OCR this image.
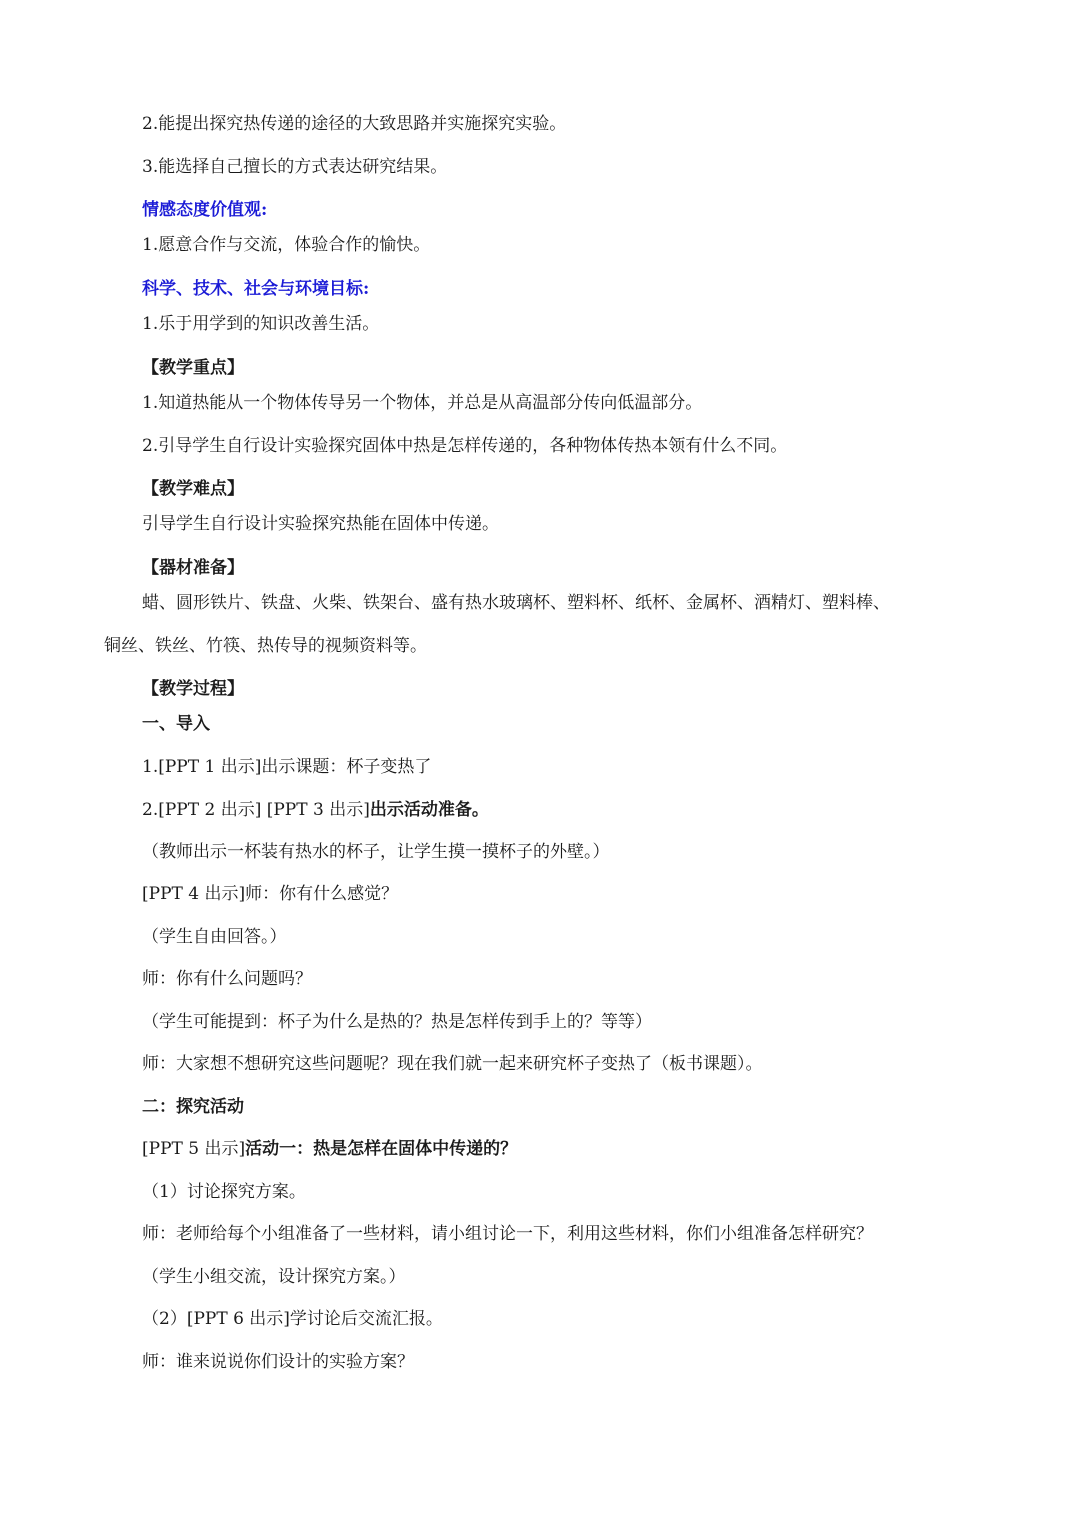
2.能提出探究热传递的途径的大致思路并实施探究实验。
3.能选择自己擅长的方式表达研究结果。
情感态度价值观:
1.愿意合作与交流，体验合作的愉快。
科学、技术、社会与环境目标:
1.乐于用学到的知识改善生活。
【教学重点】
1.知道热能从一个物体传导另一个物体，并总是从高温部分传向低温部分。
2.引导学生自行设计实验探究固体中热是怎样传递的，各种物体传热本领有什么不同。
【教学难点】
引导学生自行设计实验探究热能在固体中传递。
【器材准备】
蜡、圆形铁片、铁盘、火柴、铁架台、盛有热水玻璃杯、塑料杯、纸杯、金属杯、酒精灯、塑料棒、
铜丝、铁丝、竹筷、热传导的视频资料等。
【教学过程】
一、导入
1.[PPT 1 出示]出示课题：杯子变热了
2.[PPT 2 出示] [PPT 3 出示]出示活动准备。
（教师出示一杯装有热水的杯子，让学生摸一摸杯子的外壁。）
[PPT 4 出示]师：你有什么感觉？
（学生自由回答。）
师：你有什么问题吗？
（学生可能提到：杯子为什么是热的？热是怎样传到手上的？等等）
师：大家想不想研究这些问题呢？现在我们就一起来研究杯子变热了（板书课题）。
二：探究活动
[PPT 5 出示]活动一：热是怎样在固体中传递的？
（1）讨论探究方案。
师：老师给每个小组准备了一些材料，请小组讨论一下，利用这些材料，你们小组准备怎样研究？
（学生小组交流，设计探究方案。）
（2）[PPT 6 出示]学讨论后交流汇报。
师：谁来说说你们设计的实验方案？
